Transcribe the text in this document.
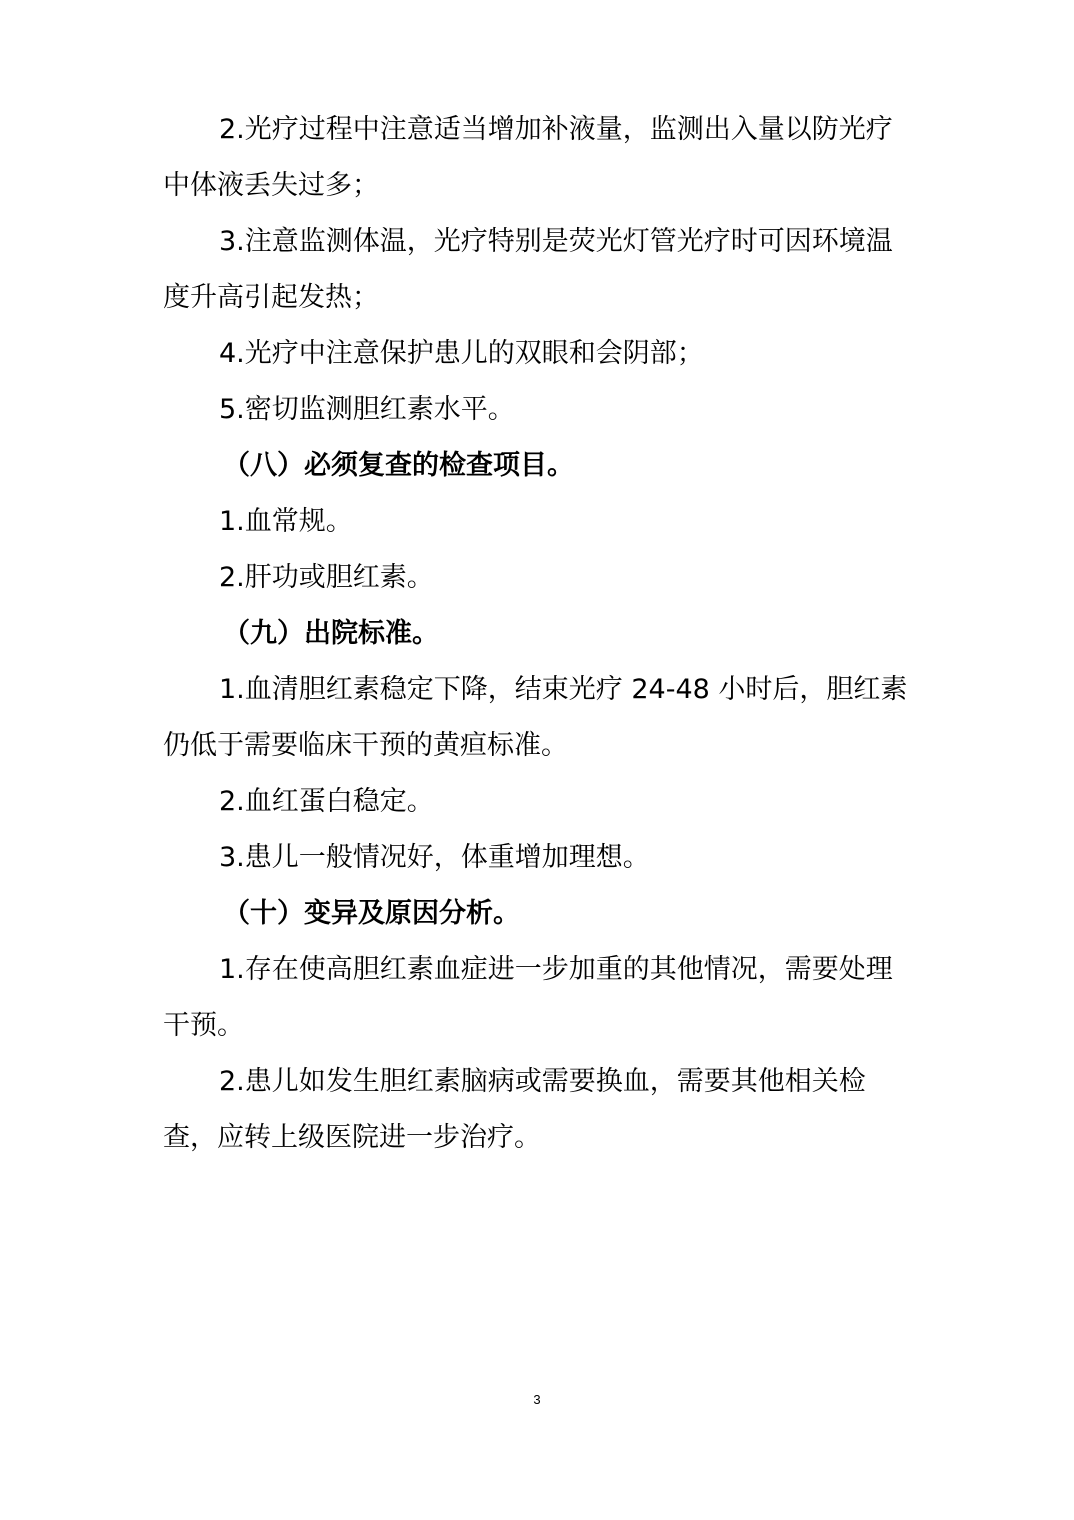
2.光疗过程中注意适当增加补液量，监测出入量以防光疗中体液丢失过多；

3.注意监测体温，光疗特别是荧光灯管光疗时可因环境温度升高引起发热；

4.光疗中注意保护患儿的双眼和会阴部；

5.密切监测胆红素水平。

（八）必须复查的检查项目。

1.血常规。

2.肝功或胆红素。

（九）出院标准。

1.血清胆红素稳定下降，结束光疗 24-48 小时后，胆红素仍低于需要临床干预的黄疸标准。

2.血红蛋白稳定。

3.患儿一般情况好，体重增加理想。

（十）变异及原因分析。

1.存在使高胆红素血症进一步加重的其他情况，需要处理干预。

2.患儿如发生胆红素脑病或需要换血，需要其他相关检查，应转上级医院进一步治疗。

3
